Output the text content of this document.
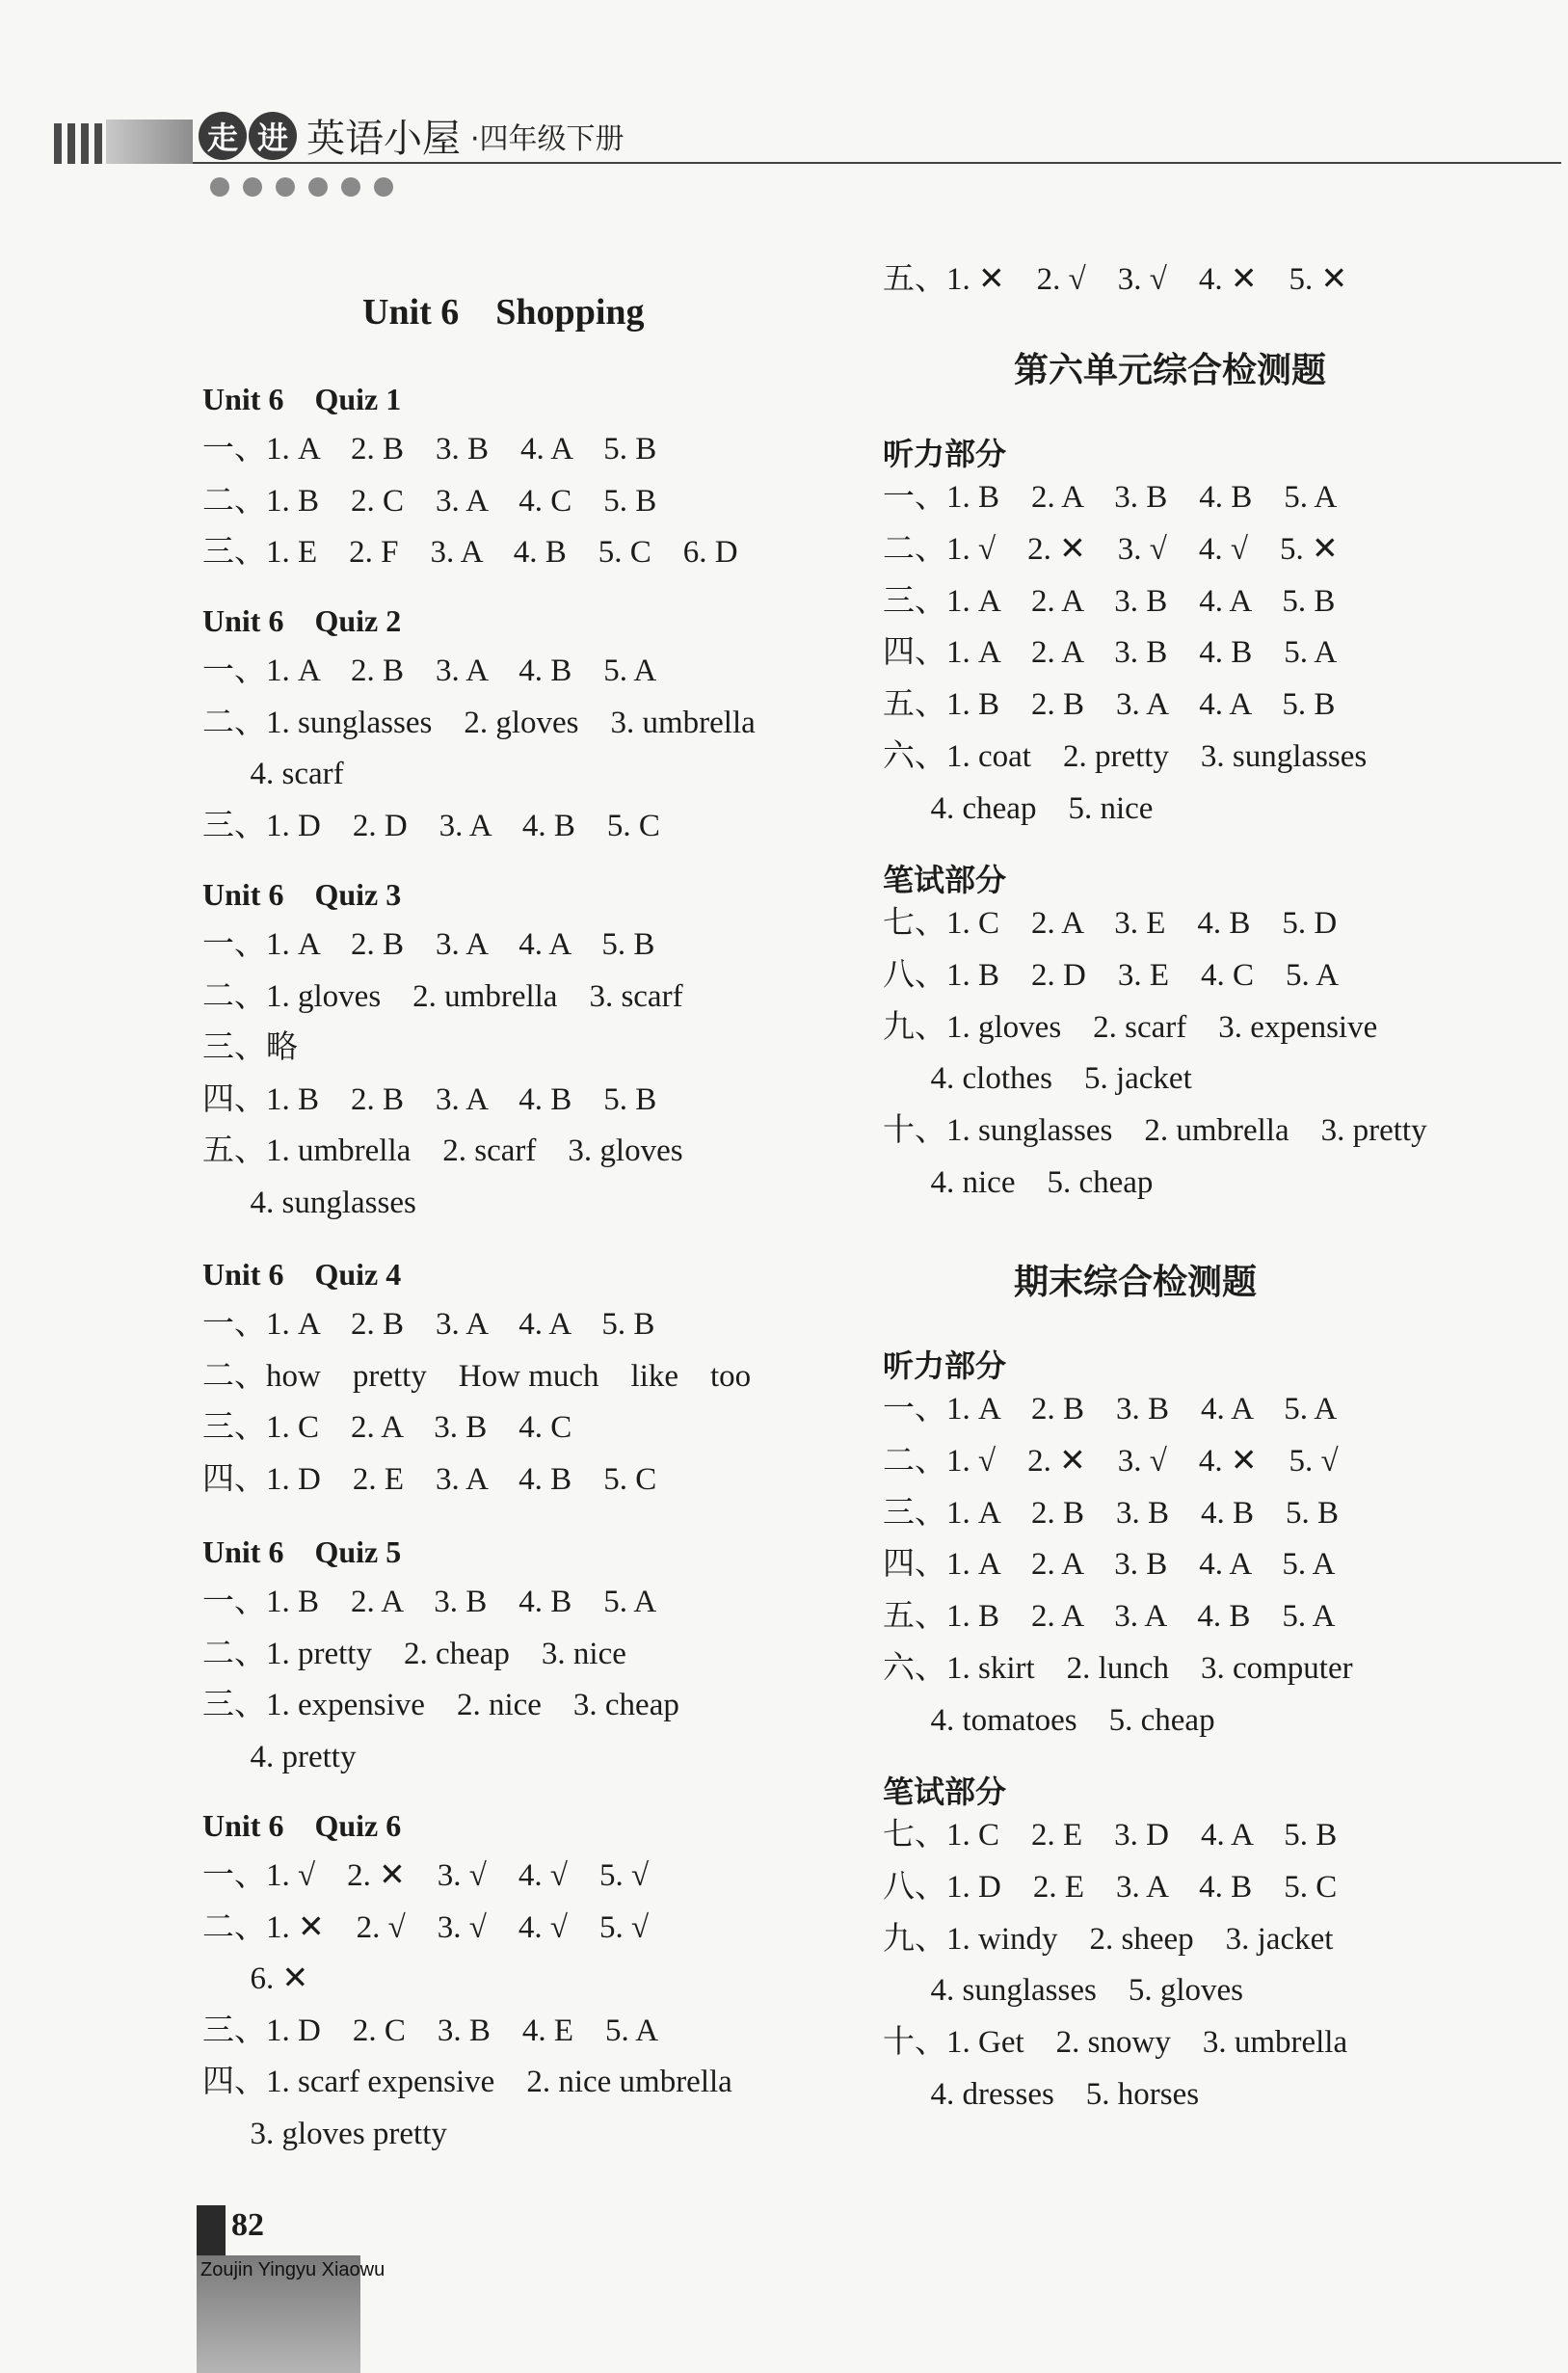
走 进 英语小屋 ·四年级下册
Unit 6    Shopping
Unit 6    Quiz 1
一、1. A    2. B    3. B    4. A    5. B
二、1. B    2. C    3. A    4. C    5. B
三、1. E    2. F    3. A    4. B    5. C    6. D
Unit 6    Quiz 2
一、1. A    2. B    3. A    4. B    5. A
二、1. sunglasses    2. gloves    3. umbrella
4. scarf
三、1. D    2. D    3. A    4. B    5. C
Unit 6    Quiz 3
一、1. A    2. B    3. A    4. A    5. B
二、1. gloves    2. umbrella    3. scarf
三、略
四、1. B    2. B    3. A    4. B    5. B
五、1. umbrella    2. scarf    3. gloves
4. sunglasses
Unit 6    Quiz 4
一、1. A    2. B    3. A    4. A    5. B
二、how    pretty    How much    like    too
三、1. C    2. A    3. B    4. C
四、1. D    2. E    3. A    4. B    5. C
Unit 6    Quiz 5
一、1. B    2. A    3. B    4. B    5. A
二、1. pretty    2. cheap    3. nice
三、1. expensive    2. nice    3. cheap
4. pretty
Unit 6    Quiz 6
一、1. √    2. ✕    3. √    4. √    5. √
二、1. ✕    2. √    3. √    4. √    5. √
6. ✕
三、1. D    2. C    3. B    4. E    5. A
四、1. scarf expensive    2. nice umbrella
3. gloves pretty
五、1. ✕    2. √    3. √    4. ✕    5. ✕
第六单元综合检测题
听力部分
一、1. B    2. A    3. B    4. B    5. A
二、1. √    2. ✕    3. √    4. √    5. ✕
三、1. A    2. A    3. B    4. A    5. B
四、1. A    2. A    3. B    4. B    5. A
五、1. B    2. B    3. A    4. A    5. B
六、1. coat    2. pretty    3. sunglasses
4. cheap    5. nice
笔试部分
七、1. C    2. A    3. E    4. B    5. D
八、1. B    2. D    3. E    4. C    5. A
九、1. gloves    2. scarf    3. expensive
4. clothes    5. jacket
十、1. sunglasses    2. umbrella    3. pretty
4. nice    5. cheap
期末综合检测题
听力部分
一、1. A    2. B    3. B    4. A    5. A
二、1. √    2. ✕    3. √    4. ✕    5. √
三、1. A    2. B    3. B    4. B    5. B
四、1. A    2. A    3. B    4. A    5. A
五、1. B    2. A    3. A    4. B    5. A
六、1. skirt    2. lunch    3. computer
4. tomatoes    5. cheap
笔试部分
七、1. C    2. E    3. D    4. A    5. B
八、1. D    2. E    3. A    4. B    5. C
九、1. windy    2. sheep    3. jacket
4. sunglasses    5. gloves
十、1. Get    2. snowy    3. umbrella
4. dresses    5. horses
82
Zoujin Yingyu Xiaowu
